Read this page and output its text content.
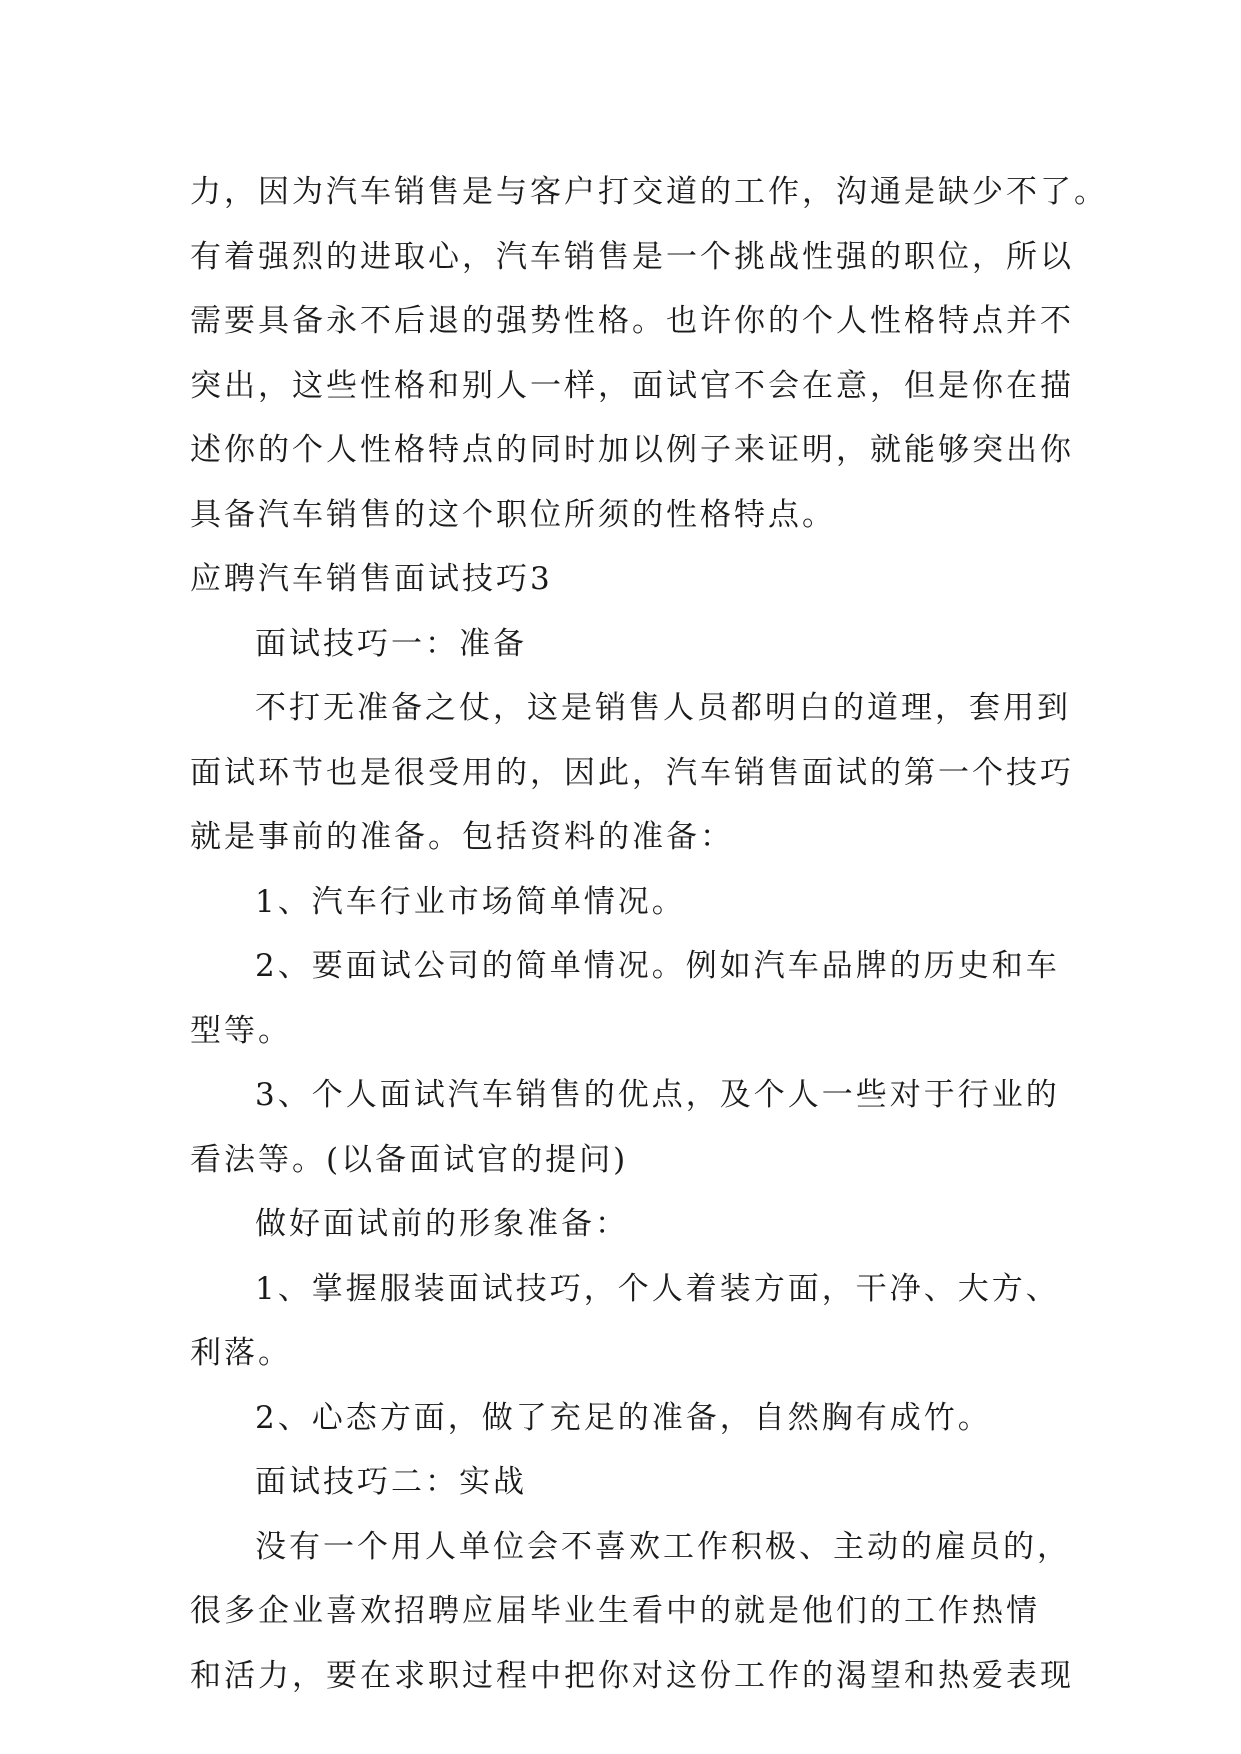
力，因为汽车销售是与客户打交道的工作，沟通是缺少不了。
有着强烈的进取心，汽车销售是一个挑战性强的职位，所以
需要具备永不后退的强势性格。也许你的个人性格特点并不
突出，这些性格和别人一样，面试官不会在意，但是你在描
述你的个人性格特点的同时加以例子来证明，就能够突出你
具备汽车销售的这个职位所须的性格特点。
应聘汽车销售面试技巧3
面试技巧一：准备
不打无准备之仗，这是销售人员都明白的道理，套用到
面试环节也是很受用的，因此，汽车销售面试的第一个技巧
就是事前的准备。包括资料的准备：
1、汽车行业市场简单情况。
2、要面试公司的简单情况。例如汽车品牌的历史和车
型等。
3、个人面试汽车销售的优点，及个人一些对于行业的
看法等。(以备面试官的提问)
做好面试前的形象准备：
1、掌握服装面试技巧，个人着装方面，干净、大方、
利落。
2、心态方面，做了充足的准备，自然胸有成竹。
面试技巧二：实战
没有一个用人单位会不喜欢工作积极、主动的雇员的，
很多企业喜欢招聘应届毕业生看中的就是他们的工作热情
和活力，要在求职过程中把你对这份工作的渴望和热爱表现
